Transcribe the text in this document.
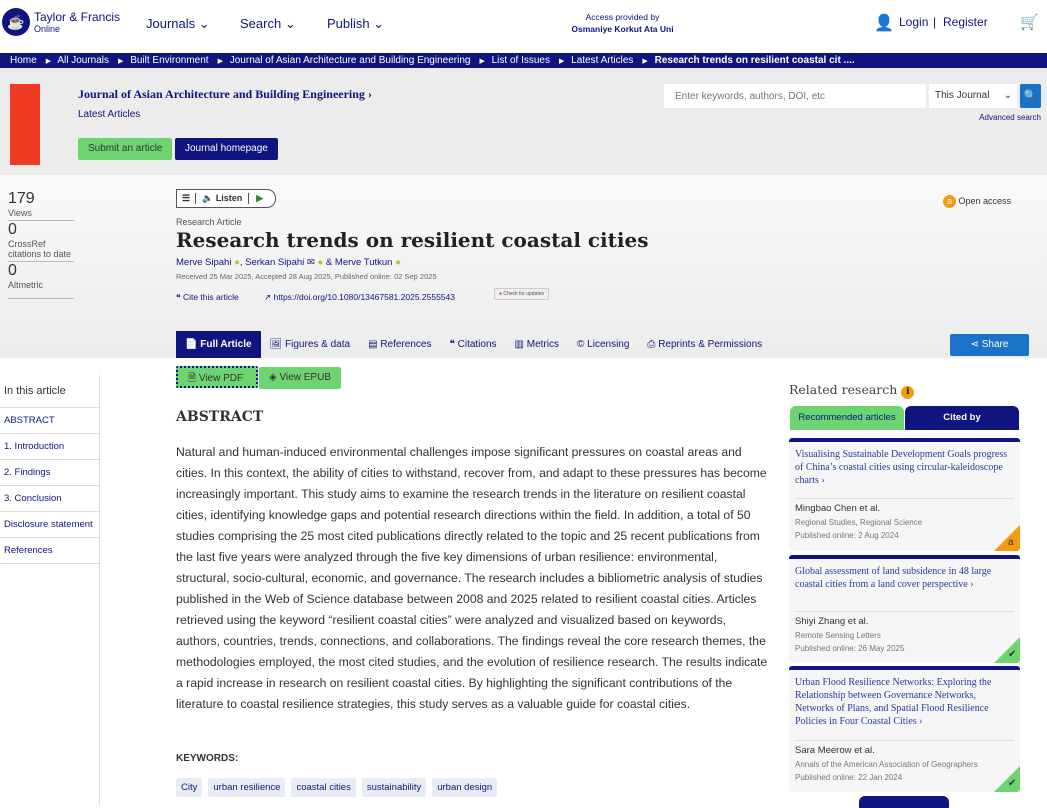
☕ Taylor & Francis
Online	Journals ⌄ Search ⌄ Publish ⌄	Access provided by
Osmaniye Korkut Ata Uni	👤 Login | Register 🛒
Home ▶ All Journals ▶ Built Environment ▶ Journal of Asian Architecture and Building Engineering ▶ List of Issues ▶ Latest Articles ▶ Research trends on resilient coastal cit ....
Journal of Asian Architecture and Building Engineering ›
Latest Articles
Submit an article	Journal homepage
Enter keywords, authors, DOI, etc
This Journal ⌄	🔍
Advanced search
179
Views
0
CrossRef citations to date
0
Altmetric
☰	🔈 Listen	▶
Research Article
Research trends on resilient coastal cities
Merve Sipahi ●, Serkan Sipahi ✉ ● & Merve Tutkun ●
Received 25 Mar 2025, Accepted 28 Aug 2025, Published online: 02 Sep 2025
❝ Cite this article	↗ https://doi.org/10.1080/13467581.2025.2555543	● Check for updates
a Open access
📄 Full Article 🖼 Figures & data ▤ References ❝ Citations ▥ Metrics © Licensing ⎙ Reprints & Permissions	⋖ Share
🗎 View PDF	◈ View EPUB
In this article
ABSTRACT
1. Introduction
2. Findings
3. Conclusion
Disclosure statement
References
ABSTRACT
Natural and human-induced environmental challenges impose significant pressures on coastal areas and cities. In this context, the ability of cities to withstand, recover from, and adapt to these pressures has become increasingly important. This study aims to examine the research trends in the literature on resilient coastal cities, identifying knowledge gaps and potential research directions within the field. In addition, a total of 50 studies comprising the 25 most cited publications directly related to the topic and 25 recent publications from the last five years were analyzed through the five key dimensions of urban resilience: environmental, structural, socio-cultural, economic, and governance. The research includes a bibliometric analysis of studies published in the Web of Science database between 2008 and 2025 related to resilient coastal cities. Articles retrieved using the keyword “resilient coastal cities” were analyzed and visualized based on keywords, authors, countries, trends, connections, and collaborations. The findings reveal the core research themes, the methodologies employed, the most cited studies, and the evolution of resilience research. The results indicate a rapid increase in research on resilient coastal cities. By highlighting the significant contributions of the literature to coastal resilience strategies, this study serves as a valuable guide for coastal cities.
KEYWORDS:
City urban resilience coastal cities sustainability urban design
Related research i
Recommended articles	Cited by
Visualising Sustainable Development Goals progress of China’s coastal cities using circular-kaleidoscope charts ›
Mingbao Chen et al.
Regional Studies, Regional Science
Published online: 2 Aug 2024
a
Global assessment of land subsidence in 48 large coastal cities from a land cover perspective ›
Shiyi Zhang et al.
Remote Sensing Letters
Published online: 26 May 2025
✔
Urban Flood Resilience Networks: Exploring the Relationship between Governance Networks, Networks of Plans, and Spatial Flood Resilience Policies in Four Coastal Cities ›
Sara Meerow et al.
Annals of the American Association of Geographers
Published online: 22 Jan 2024
✔
